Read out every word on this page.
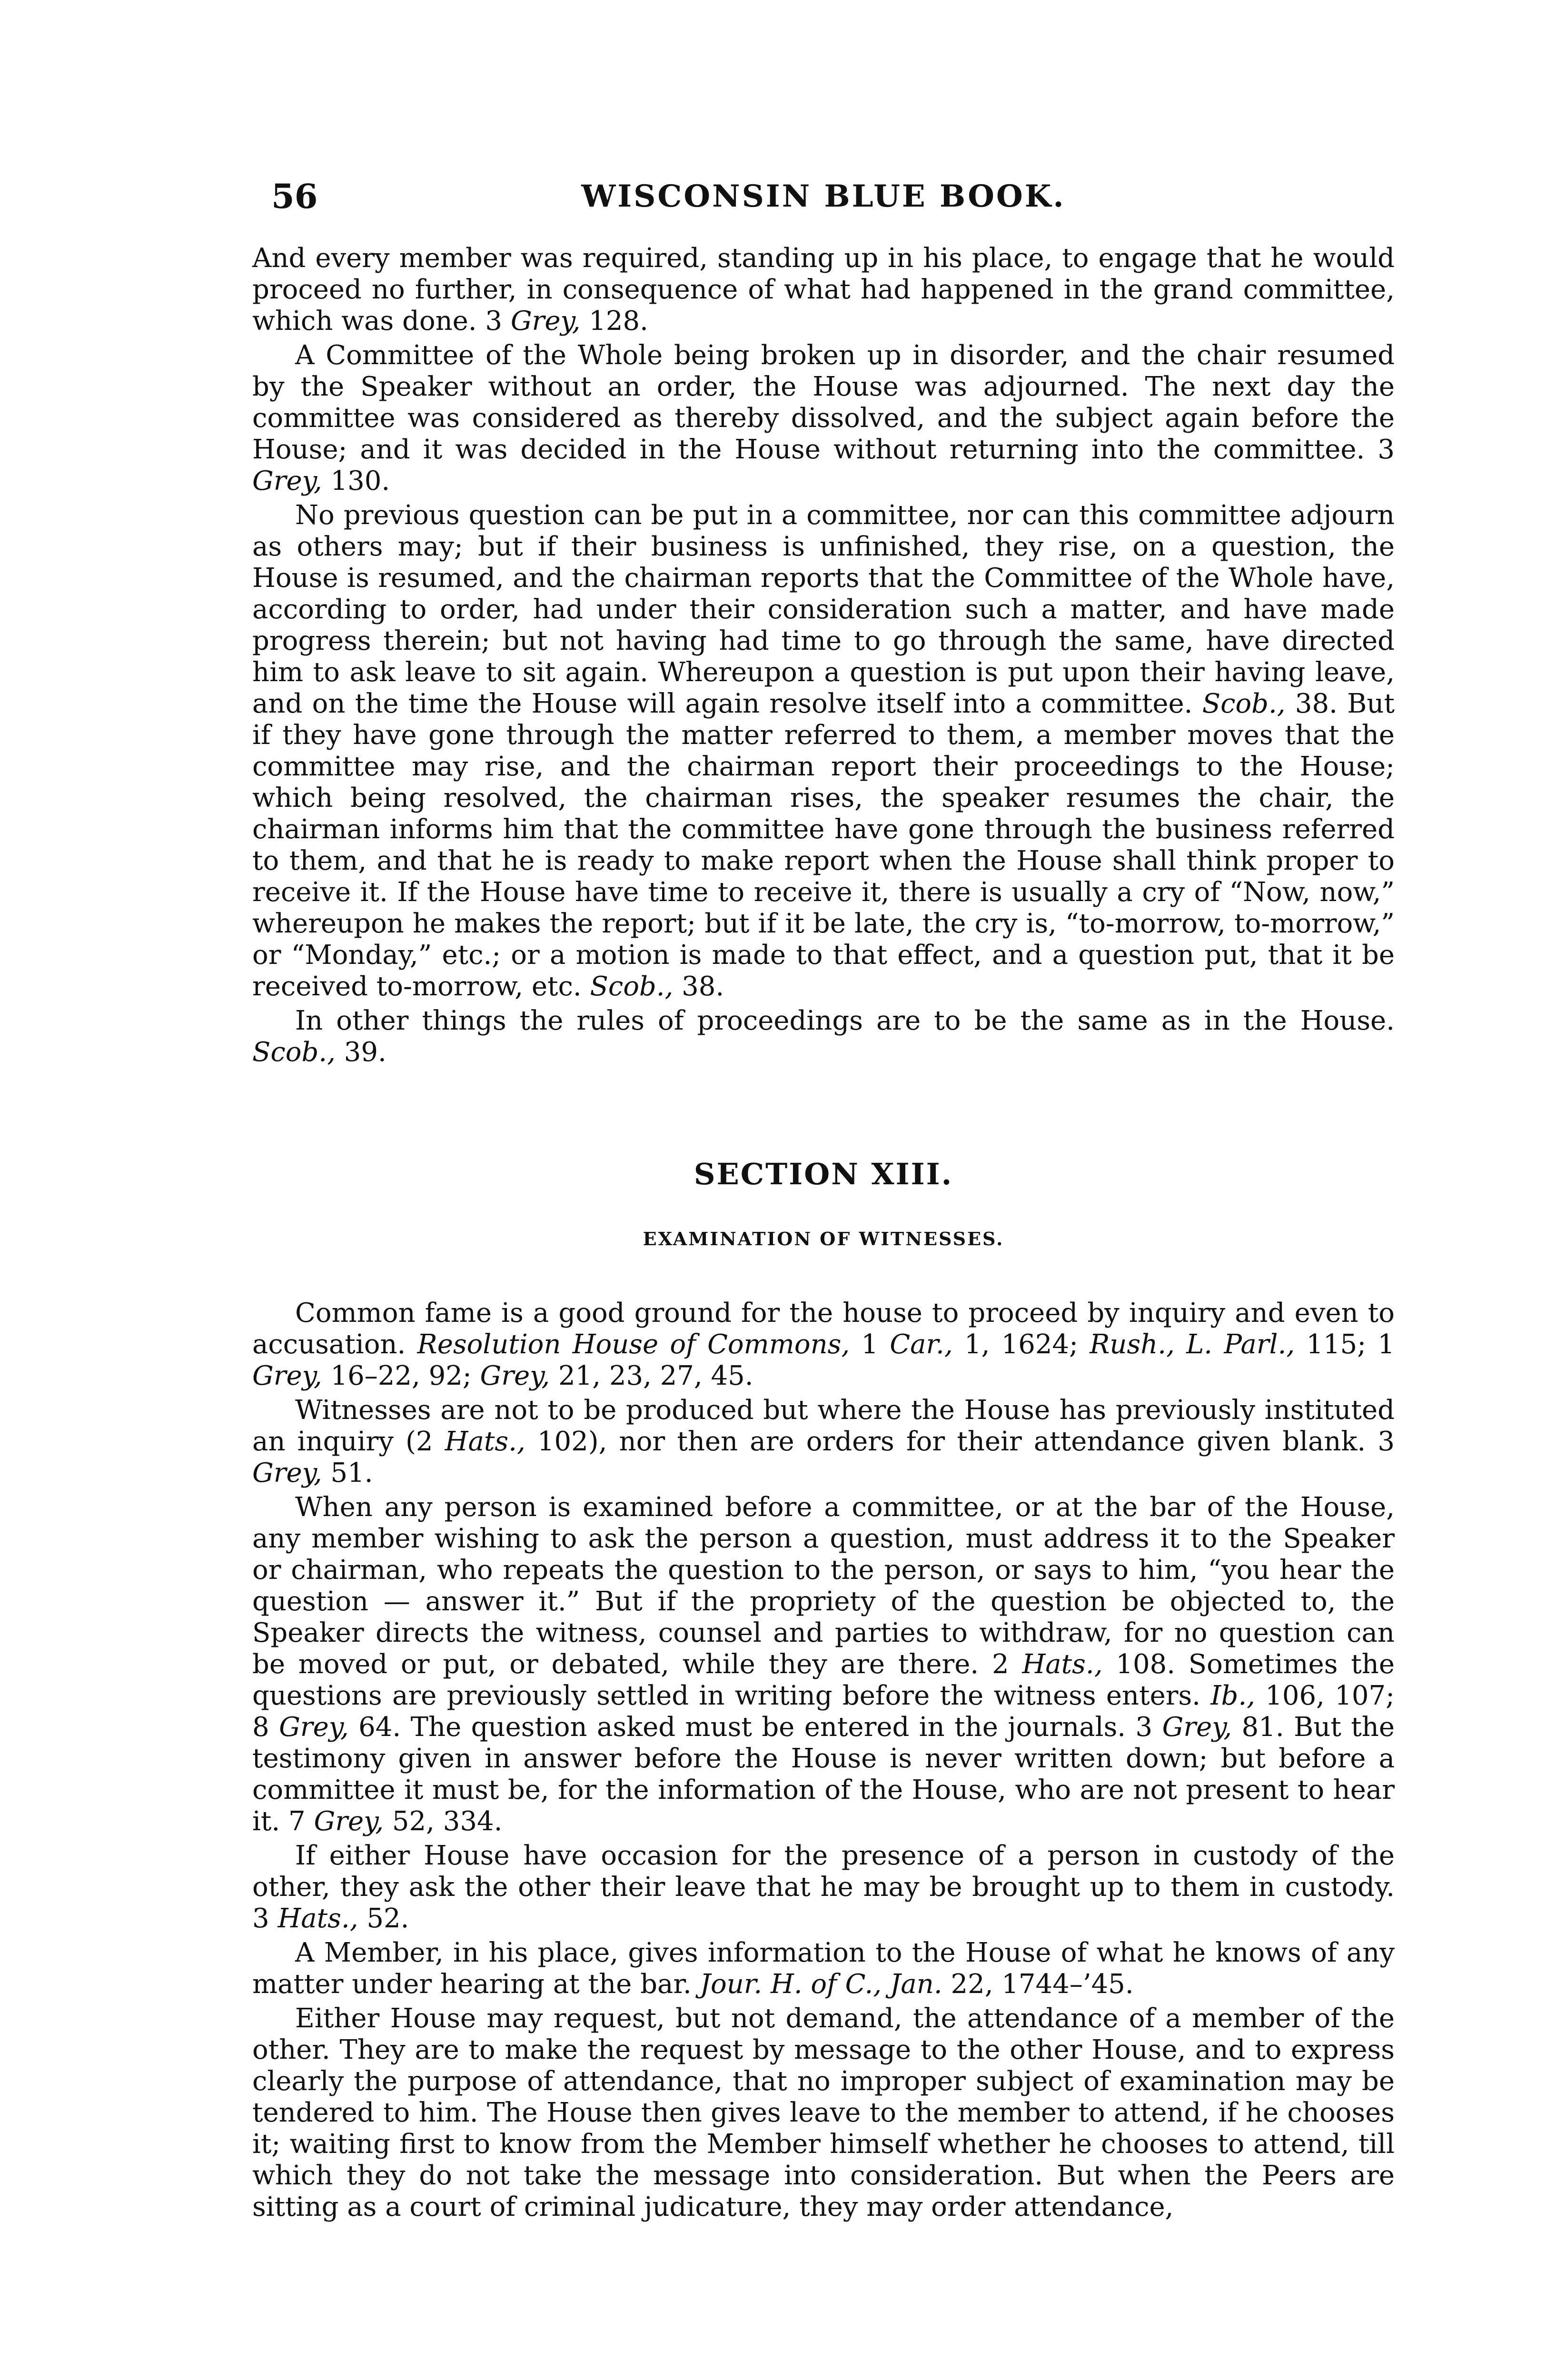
56	WISCONSIN BLUE BOOK.

And every member was required, standing up in his place, to engage that he would proceed no further, in consequence of what had happened in the grand committee, which was done. 3 Grey, 128.

A Committee of the Whole being broken up in disorder, and the chair resumed by the Speaker without an order, the House was adjourned. The next day the committee was considered as thereby dissolved, and the subject again before the House; and it was decided in the House without returning into the committee. 3 Grey, 130.

No previous question can be put in a committee, nor can this committee adjourn as others may; but if their business is unfinished, they rise, on a question, the House is resumed, and the chairman reports that the Committee of the Whole have, according to order, had under their consideration such a matter, and have made progress therein; but not having had time to go through the same, have directed him to ask leave to sit again. Whereupon a question is put upon their having leave, and on the time the House will again resolve itself into a committee. Scob., 38. But if they have gone through the matter referred to them, a member moves that the committee may rise, and the chairman report their proceedings to the House; which being resolved, the chairman rises, the speaker resumes the chair, the chairman informs him that the committee have gone through the business referred to them, and that he is ready to make report when the House shall think proper to receive it. If the House have time to receive it, there is usually a cry of “Now, now,” whereupon he makes the report; but if it be late, the cry is, “to-morrow, to-morrow,” or “Monday,” etc.; or a motion is made to that effect, and a question put, that it be received to-morrow, etc. Scob., 38.

In other things the rules of proceedings are to be the same as in the House. Scob., 39.

SECTION XIII.
EXAMINATION OF WITNESSES.

Common fame is a good ground for the house to proceed by inquiry and even to accusation. Resolution House of Commons, 1 Car., 1, 1624; Rush., L. Parl., 115; 1 Grey, 16–22, 92; Grey, 21, 23, 27, 45.

Witnesses are not to be produced but where the House has previously instituted an inquiry (2 Hats., 102), nor then are orders for their attendance given blank. 3 Grey, 51.

When any person is examined before a committee, or at the bar of the House, any member wishing to ask the person a question, must address it to the Speaker or chairman, who repeats the question to the person, or says to him, “you hear the question — answer it.” But if the propriety of the question be objected to, the Speaker directs the witness, counsel and parties to withdraw, for no question can be moved or put, or debated, while they are there. 2 Hats., 108. Sometimes the questions are previously settled in writing before the witness enters. Ib., 106, 107; 8 Grey, 64. The question asked must be entered in the journals. 3 Grey, 81. But the testimony given in answer before the House is never written down; but before a committee it must be, for the information of the House, who are not present to hear it. 7 Grey, 52, 334.

If either House have occasion for the presence of a person in custody of the other, they ask the other their leave that he may be brought up to them in custody. 3 Hats., 52.

A Member, in his place, gives information to the House of what he knows of any matter under hearing at the bar. Jour. H. of C., Jan. 22, 1744–’45.

Either House may request, but not demand, the attendance of a member of the other. They are to make the request by message to the other House, and to express clearly the purpose of attendance, that no improper subject of examination may be tendered to him. The House then gives leave to the member to attend, if he chooses it; waiting first to know from the Member himself whether he chooses to attend, till which they do not take the message into consideration. But when the Peers are sitting as a court of criminal judicature, they may order attendance,
